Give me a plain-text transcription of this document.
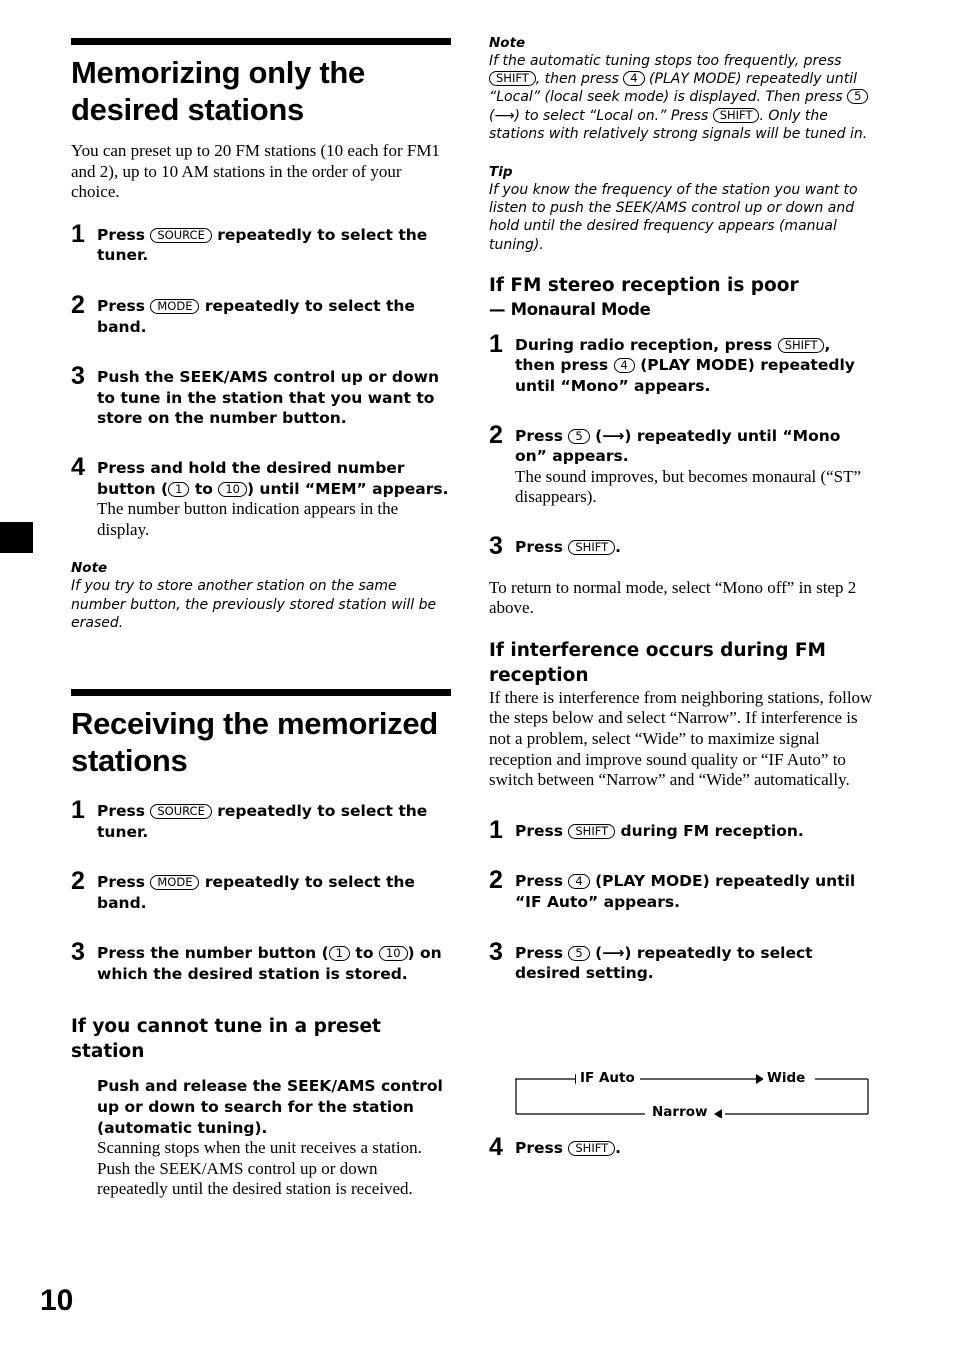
Memorizing only the desired stations

You can preset up to 20 FM stations (10 each for FM1 and 2), up to 10 AM stations in the order of your choice.

1 Press SOURCE repeatedly to select the tuner.
2 Press MODE repeatedly to select the band.
3 Push the SEEK/AMS control up or down to tune in the station that you want to store on the number button.
4 Press and hold the desired number button ( 1 to 10 ) until “MEM” appears.
The number button indication appears in the display.
Note
If you try to store another station on the same number button, the previously stored station will be erased.
Receiving the memorized stations
1 Press SOURCE repeatedly to select the tuner.
2 Press MODE repeatedly to select the band.
3 Press the number button ( 1 to 10 ) on which the desired station is stored.
If you cannot tune in a preset station
Push and release the SEEK/AMS control up or down to search for the station (automatic tuning).
Scanning stops when the unit receives a station. Push the SEEK/AMS control up or down repeatedly until the desired station is received.
Note
If the automatic tuning stops too frequently, press SHIFT , then press 4 (PLAY MODE) repeatedly until “Local” (local seek mode) is displayed. Then press 5 (⟶) to select “Local on.” Press SHIFT . Only the stations with relatively strong signals will be tuned in.
Tip
If you know the frequency of the station you want to listen to push the SEEK/AMS control up or down and hold until the desired frequency appears (manual tuning).
If FM stereo reception is poor
— Monaural Mode
1 During radio reception, press SHIFT , then press 4 (PLAY MODE) repeatedly until “Mono” appears.
2 Press 5 (⟶) repeatedly until “Mono on” appears.
The sound improves, but becomes monaural (“ST” disappears).
3 Press SHIFT .
To return to normal mode, select “Mono off” in step 2 above.
If interference occurs during FM reception
If there is interference from neighboring stations, follow the steps below and select “Narrow”. If interference is not a problem, select “Wide” to maximize signal reception and improve sound quality or “IF Auto” to switch between “Narrow” and “Wide” automatically.
1 Press SHIFT during FM reception.
2 Press 4 (PLAY MODE) repeatedly until “IF Auto” appears.
3 Press 5 (⟶) repeatedly to select desired setting.
IF Auto	Wide
Narrow
4 Press SHIFT .
10
